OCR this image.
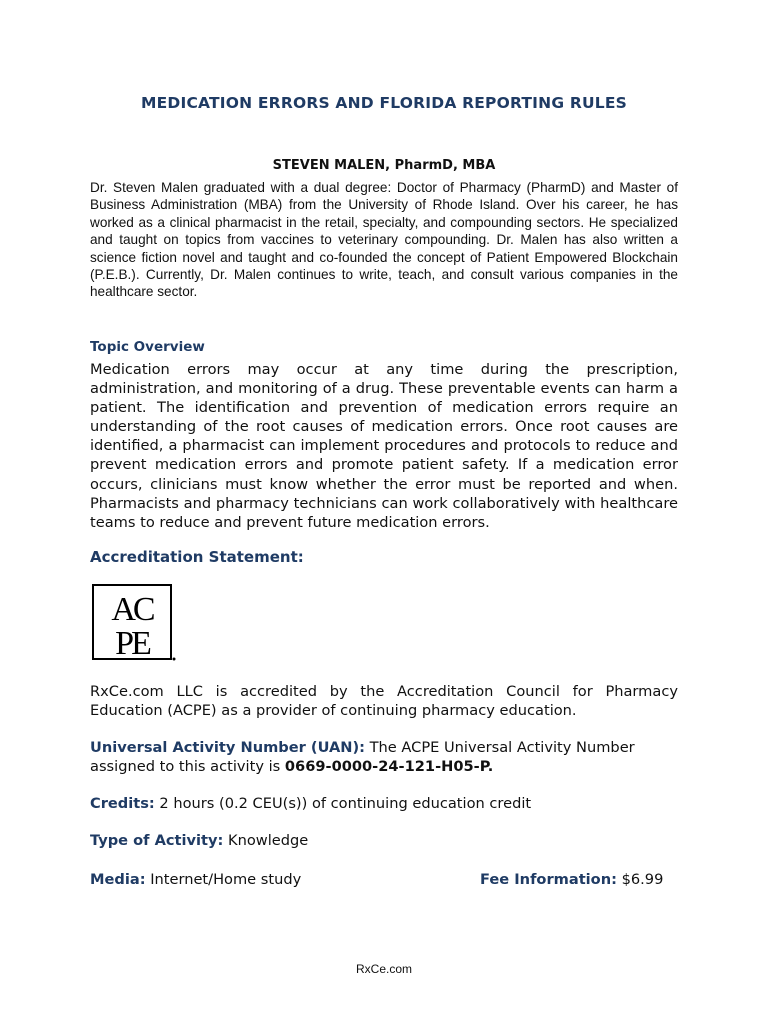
MEDICATION ERRORS AND FLORIDA REPORTING RULES
STEVEN MALEN, PharmD, MBA
Dr. Steven Malen graduated with a dual degree: Doctor of Pharmacy (PharmD) and Master of Business Administration (MBA) from the University of Rhode Island. Over his career, he has worked as a clinical pharmacist in the retail, specialty, and compounding sectors. He specialized and taught on topics from vaccines to veterinary compounding. Dr. Malen has also written a science fiction novel and taught and co-founded the concept of Patient Empowered Blockchain (P.E.B.). Currently, Dr. Malen continues to write, teach, and consult various companies in the healthcare sector.
Topic Overview
Medication errors may occur at any time during the prescription, administration, and monitoring of a drug. These preventable events can harm a patient. The identification and prevention of medication errors require an understanding of the root causes of medication errors. Once root causes are identified, a pharmacist can implement procedures and protocols to reduce and prevent medication errors and promote patient safety. If a medication error occurs, clinicians must know whether the error must be reported and when. Pharmacists and pharmacy technicians can work collaboratively with healthcare teams to reduce and prevent future medication errors.
Accreditation Statement:
AC
PE
RxCe.com LLC is accredited by the Accreditation Council for Pharmacy Education (ACPE) as a provider of continuing pharmacy education.
Universal Activity Number (UAN): The ACPE Universal Activity Number assigned to this activity is 0669-0000-24-121-H05-P.
Credits: 2 hours (0.2 CEU(s)) of continuing education credit
Type of Activity: Knowledge
Media: Internet/Home study	Fee Information: $6.99
RxCe.com
